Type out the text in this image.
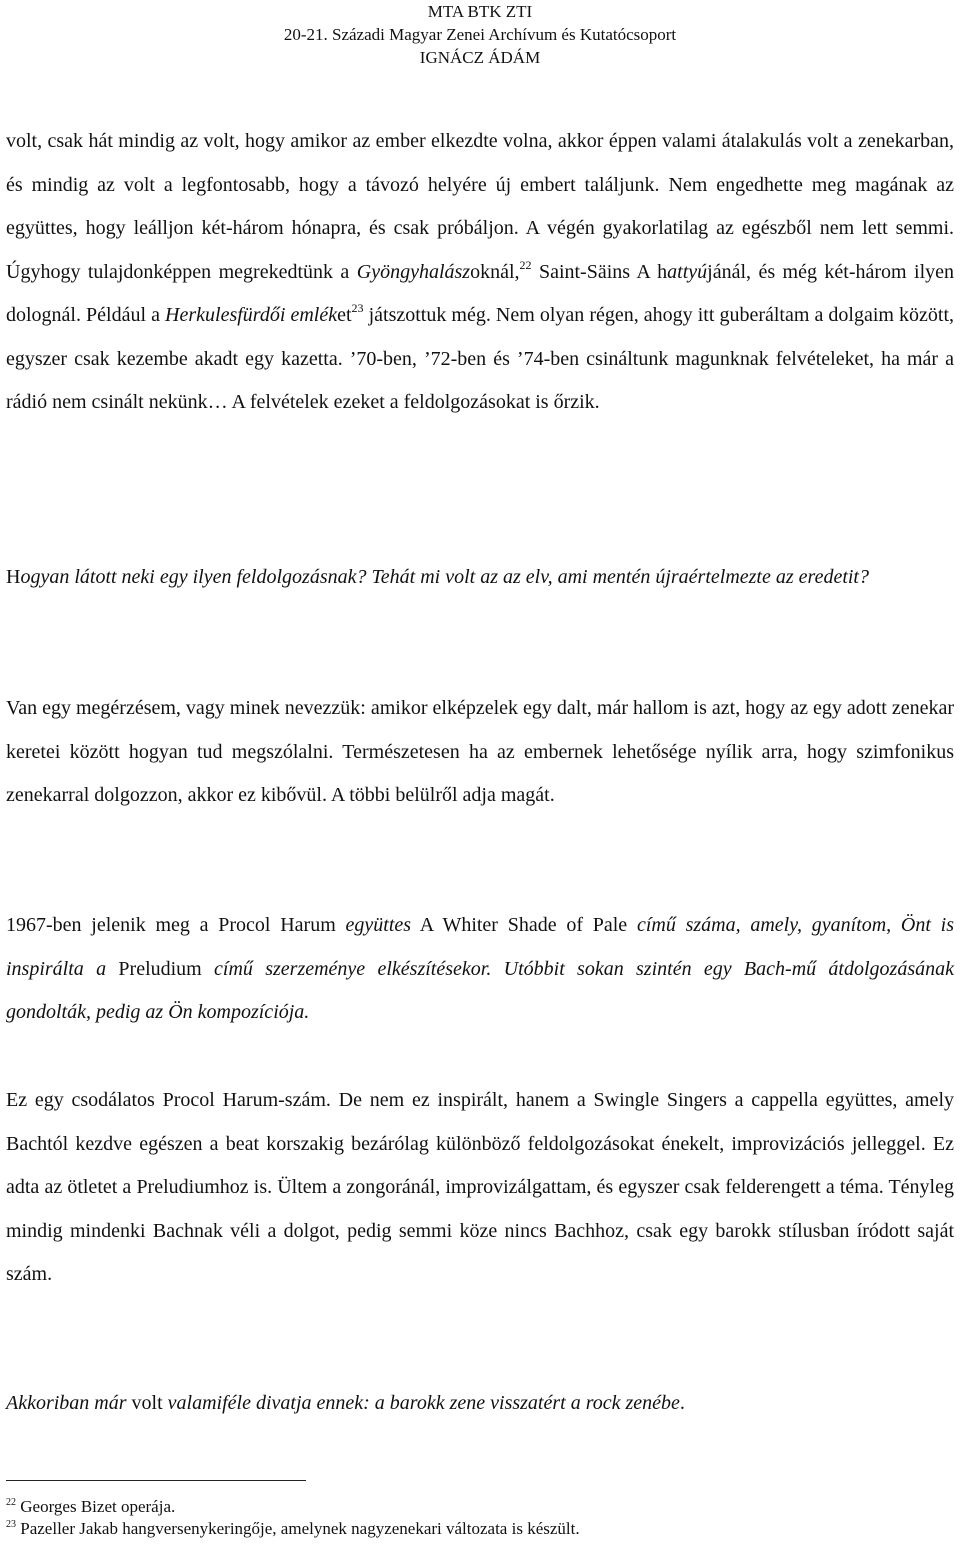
MTA BTK ZTI
20-21. Századi Magyar Zenei Archívum és Kutatócsoport
IGNÁCZ ÁDÁM

volt, csak hát mindig az volt, hogy amikor az ember elkezdte volna, akkor éppen valami átalakulás volt a zenekarban, és mindig az volt a legfontosabb, hogy a távozó helyére új embert találjunk. Nem engedhette meg magának az együttes, hogy leálljon két-három hónapra, és csak próbáljon. A végén gyakorlatilag az egészből nem lett semmi. Úgyhogy tulajdonképpen megrekedtünk a Gyöngyhalászoknál,$^{22}$ Saint-Säins A hattyújánál, és még két-három ilyen dolognál. Például a Herkulesfürdői emléket$^{23}$ játszottuk még. Nem olyan régen, ahogy itt guberáltam a dolgaim között, egyszer csak kezembe akadt egy kazetta. ’70-ben, ’72-ben és ’74-ben csináltunk magunknak felvételeket, ha már a rádió nem csinált nekünk… A felvételek ezeket a feldolgozásokat is őrzik.

Hogyan látott neki egy ilyen feldolgozásnak? Tehát mi volt az az elv, ami mentén újraértelmezte az eredetit?

Van egy megérzésem, vagy minek nevezzük: amikor elképzelek egy dalt, már hallom is azt, hogy az egy adott zenekar keretei között hogyan tud megszólalni. Természetesen ha az embernek lehetősége nyílik arra, hogy szimfonikus zenekarral dolgozzon, akkor ez kibővül. A többi belülről adja magát.

1967-ben jelenik meg a Procol Harum együttes A Whiter Shade of Pale című száma, amely, gyanítom, Önt is inspirálta a Preludium című szerzeménye elkészítésekor. Utóbbit sokan szintén egy Bach-mű átdolgozásának gondolták, pedig az Ön kompozíciója.

Ez egy csodálatos Procol Harum-szám. De nem ez inspirált, hanem a Swingle Singers a cappella együttes, amely Bachtól kezdve egészen a beat korszakig bezárólag különböző feldolgozásokat énekelt, improvizációs jelleggel. Ez adta az ötletet a Preludiumhoz is. Ültem a zongoránál, improvizálgattam, és egyszer csak felderengett a téma. Tényleg mindig mindenki Bachnak véli a dolgot, pedig semmi köze nincs Bachhoz, csak egy barokk stílusban íródott saját szám.

Akkoriban már volt valamiféle divatja ennek: a barokk zene visszatért a rock zenébe.

$^{22}$ Georges Bizet operája.

$^{23}$ Pazeller Jakab hangversenykeringője, amelynek nagyzenekari változata is készült.
